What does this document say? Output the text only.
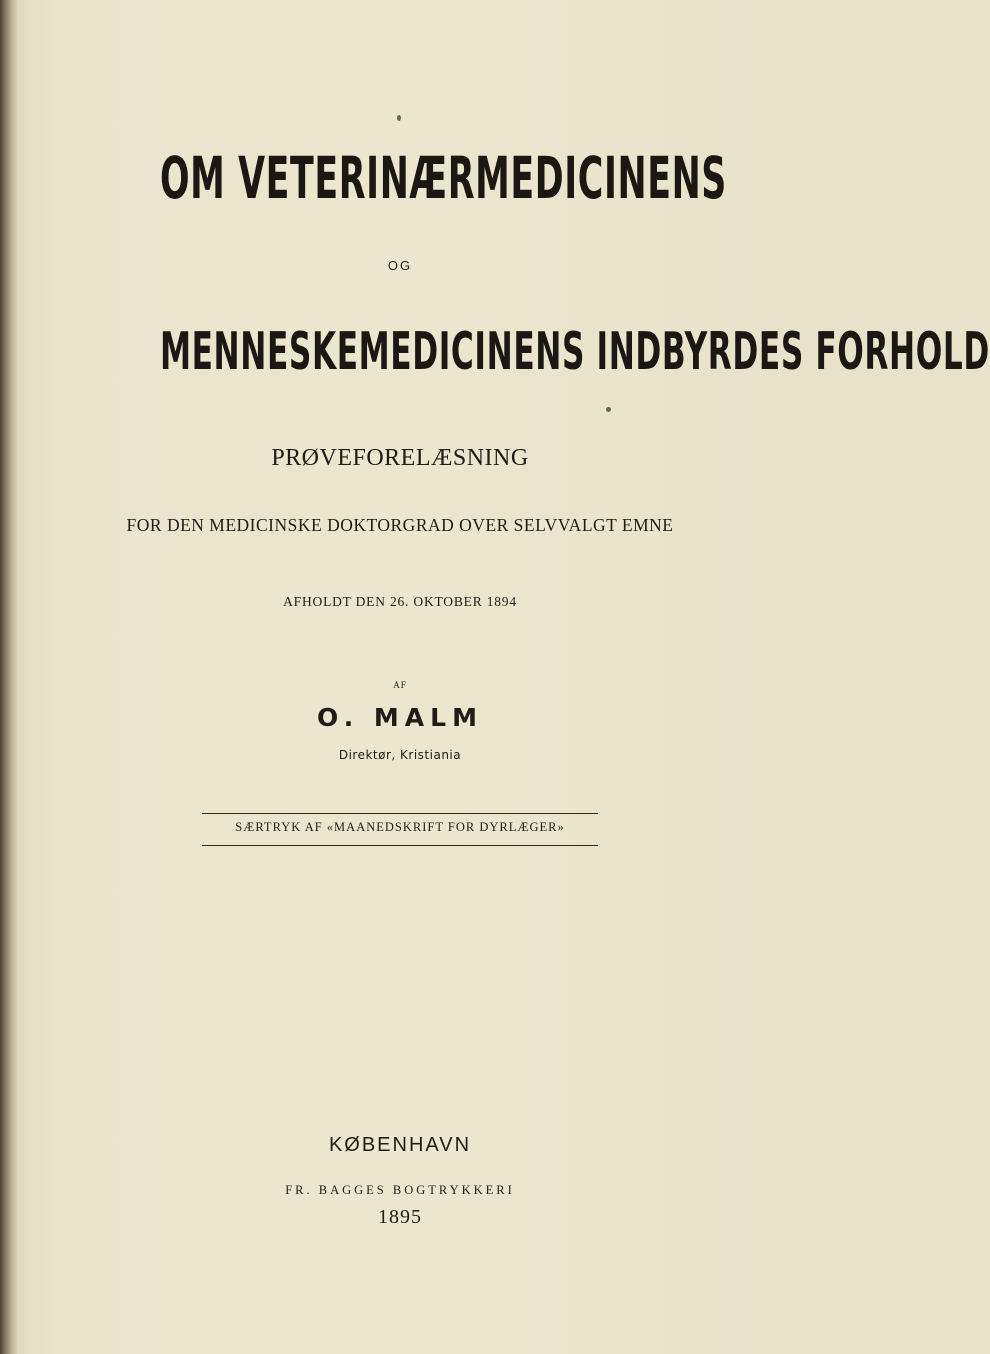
OM VETERINÆRMEDICINENS
OG
MENNESKEMEDICINENS INDBYRDES FORHOLD
PRØVEFORELÆSNING
FOR DEN MEDICINSKE DOKTORGRAD OVER SELVVALGT EMNE
AFHOLDT DEN 26. OKTOBER 1894
AF
O. MALM
Direktør, Kristiania
SÆRTRYK AF «MAANEDSKRIFT FOR DYRLÆGER»
KØBENHAVN
FR. BAGGES BOGTRYKKERI
1895
